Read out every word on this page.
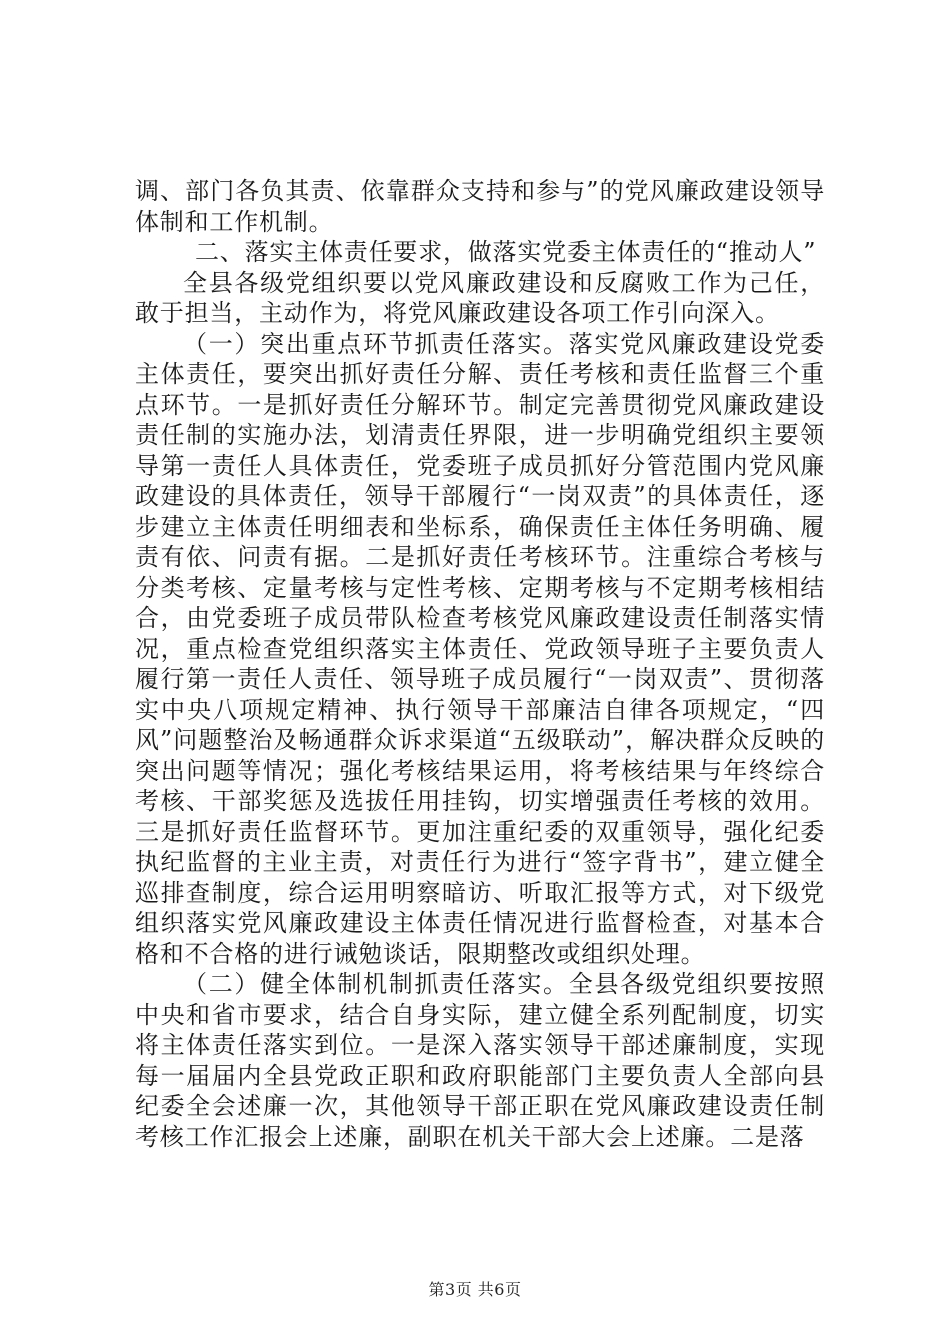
调、部门各负其责、依靠群众支持和参与”的党风廉政建设领导体制和工作机制。

二、落实主体责任要求，做落实党委主体责任的“推动人”

全县各级党组织要以党风廉政建设和反腐败工作为己任，敢于担当，主动作为，将党风廉政建设各项工作引向深入。

（一）突出重点环节抓责任落实。落实党风廉政建设党委主体责任，要突出抓好责任分解、责任考核和责任监督三个重点环节。一是抓好责任分解环节。制定完善贯彻党风廉政建设责任制的实施办法，划清责任界限，进一步明确党组织主要领导第一责任人具体责任，党委班子成员抓好分管范围内党风廉政建设的具体责任，领导干部履行“一岗双责”的具体责任，逐步建立主体责任明细表和坐标系，确保责任主体任务明确、履责有依、问责有据。二是抓好责任考核环节。注重综合考核与分类考核、定量考核与定性考核、定期考核与不定期考核相结合，由党委班子成员带队检查考核党风廉政建设责任制落实情况，重点检查党组织落实主体责任、党政领导班子主要负责人履行第一责任人责任、领导班子成员履行“一岗双责”、贯彻落实中央八项规定精神、执行领导干部廉洁自律各项规定，“四风”问题整治及畅通群众诉求渠道“五级联动”，解决群众反映的突出问题等情况；强化考核结果运用，将考核结果与年终综合考核、干部奖惩及选拔任用挂钩，切实增强责任考核的效用。三是抓好责任监督环节。更加注重纪委的双重领导，强化纪委执纪监督的主业主责，对责任行为进行“签字背书”，建立健全巡排查制度，综合运用明察暗访、听取汇报等方式，对下级党组织落实党风廉政建设主体责任情况进行监督检查，对基本合格和不合格的进行诫勉谈话，限期整改或组织处理。

（二）健全体制机制抓责任落实。全县各级党组织要按照中央和省市要求，结合自身实际，建立健全系列配制度，切实将主体责任落实到位。一是深入落实领导干部述廉制度，实现每一届届内全县党政正职和政府职能部门主要负责人全部向县纪委全会述廉一次，其他领导干部正职在党风廉政建设责任制考核工作汇报会上述廉，副职在机关干部大会上述廉。二是落

第3页 共6页
